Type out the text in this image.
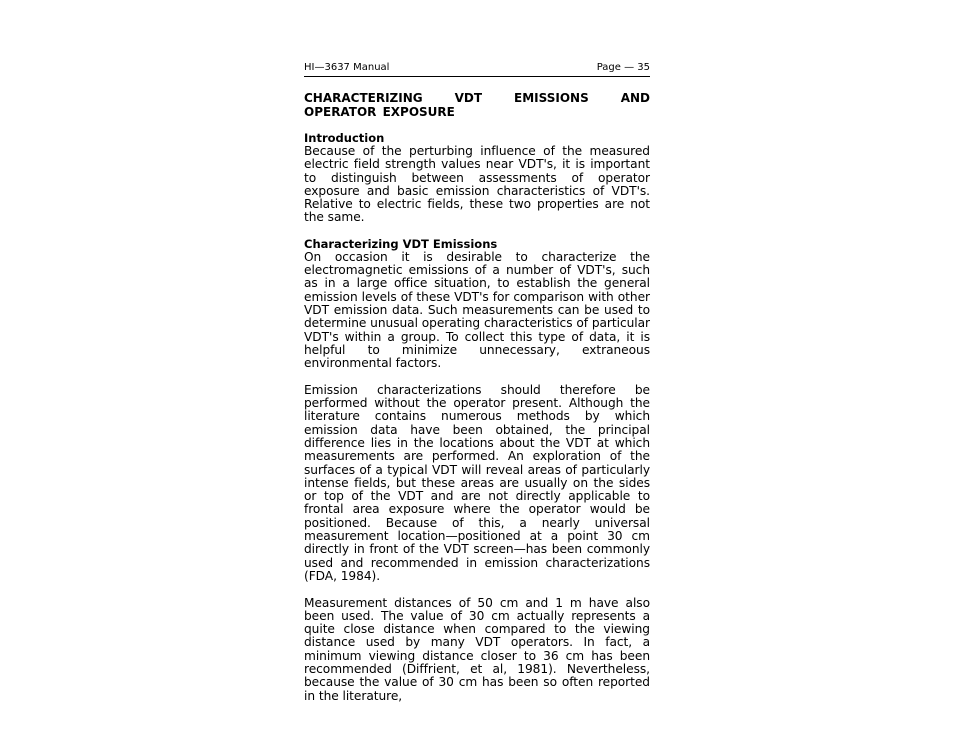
HI—3637 Manual	Page — 35
CHARACTERIZING VDT EMISSIONS AND OPERATOR EXPOSURE
Introduction

Because of the perturbing influence of the measured electric field strength values near VDT's, it is important to distinguish between assessments of operator exposure and basic emission characteristics of VDT's. Relative to electric fields, these two properties are not the same.

Characterizing VDT Emissions

On occasion it is desirable to characterize the electromagnetic emissions of a number of VDT's, such as in a large office situation, to establish the general emission levels of these VDT's for comparison with other VDT emission data. Such measurements can be used to determine unusual operating characteristics of particular VDT's within a group. To collect this type of data, it is helpful to minimize unnecessary, extraneous environmental factors.

Emission characterizations should therefore be performed without the operator present. Although the literature contains numerous methods by which emission data have been obtained, the principal difference lies in the locations about the VDT at which measurements are performed. An exploration of the surfaces of a typical VDT will reveal areas of particularly intense fields, but these areas are usually on the sides or top of the VDT and are not directly applicable to frontal area exposure where the operator would be positioned. Because of this, a nearly universal measurement location—positioned at a point 30 cm directly in front of the VDT screen—has been commonly used and recommended in emission characterizations (FDA, 1984).

Measurement distances of 50 cm and 1 m have also been used. The value of 30 cm actually represents a quite close distance when compared to the viewing distance used by many VDT operators. In fact, a minimum viewing distance closer to 36 cm has been recommended (Diffrient, et al, 1981). Nevertheless, because the value of 30 cm has been so often reported in the literature,
